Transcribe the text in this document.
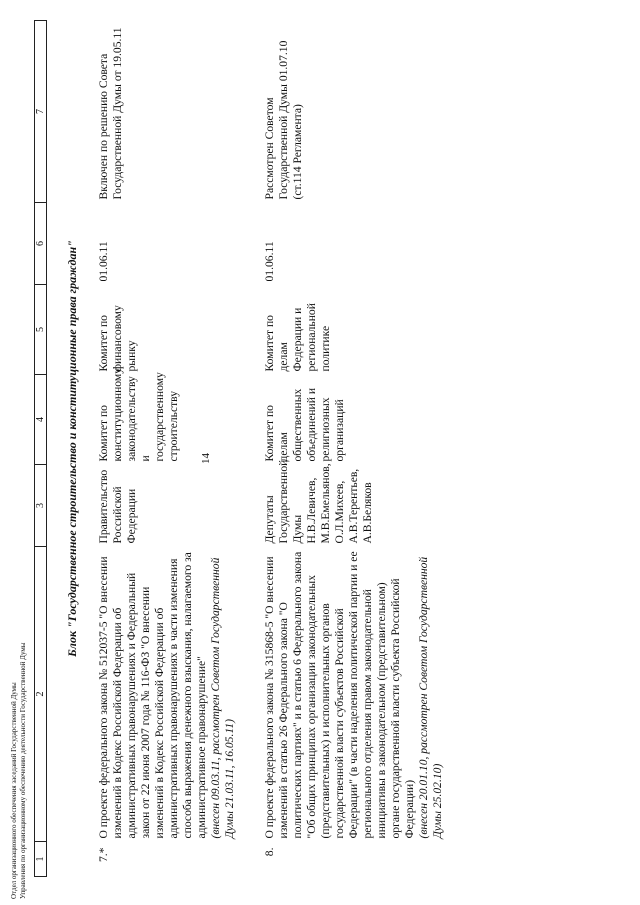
Отдел организационного обеспечения заседаний Государственной Думы Управления по организационному обеспечению деятельности Государственной Думы
14
1	2	3	4	5	6	7
Блок "Государственное строительство и конституционные права граждан"						
7.*	О проекте федерального закона № 512037-5 "О внесении изменений в Кодекс Российской Федерации об административных правонарушениях и Федеральный закон от 22 июня 2007 года № 116-ФЗ "О внесении изменений в Кодекс Российской Федерации об административных правонарушениях в части изменения способа выражения денежного взыскания, налагаемого за административное правонарушение" (внесен 09.03.11, рассмотрен Советом Государственной Думы 21.03.11, 16.05.11)	Правительство Российской Федерации	Комитет по конституционному законодательству и государственному строительству	Комитет по финансовому рынку	01.06.11	Включен по решению Совета Государственной Думы от 19.05.11
8.	О проекте федерального закона № 315868-5 "О внесении изменений в статью 26 Федерального закона "О политических партиях" и в статью 6 Федерального закона "Об общих принципах организации законодательных (представительных) и исполнительных органов государственной власти субъектов Российской Федерации" (в части наделения политической партии и ее регионального отделения правом законодательной инициативы в законодательном (представительном) органе государственной власти субъекта Российской Федерации) (внесен 20.01.10, рассмотрен Советом Государственной Думы 25.02.10)	Депутаты Государственной Думы Н.В.Левичев, М.В.Емельянов, О.Л.Михеев, А.В.Терентьев, А.В.Беляков	Комитет по делам общественных объединений и религиозных организаций	Комитет по делам Федерации и региональной политике	01.06.11	Рассмотрен Советом Государственной Думы 01.07.10 (ст.114 Регламента)
